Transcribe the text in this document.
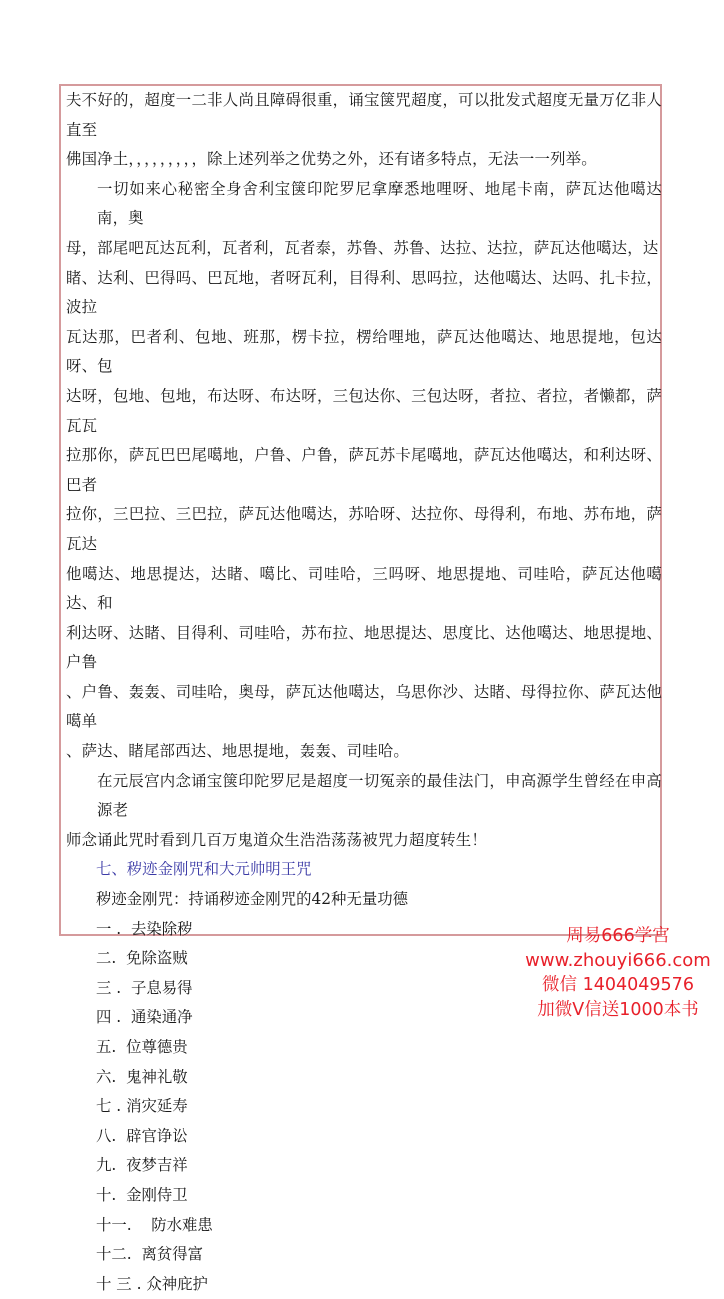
夫不好的，超度一二非人尚且障碍很重，诵宝箧咒超度，可以批发式超度无量万亿非人直至
佛国净土，，，，，，，，，除上述列举之优势之外，还有诸多特点，无法一一列举。
一切如来心秘密全身舍利宝箧印陀罗尼拿摩悉地哩呀、地尾卡南，萨瓦达他噶达南，奥
母，部尾吧瓦达瓦利，瓦者利，瓦者泰，苏鲁、苏鲁、达拉、达拉，萨瓦达他噶达，达
睹、达利、巴得吗、巴瓦地，者呀瓦利，目得利、思吗拉，达他噶达、达吗、扎卡拉，波拉
瓦达那，巴者利、包地、班那，楞卡拉，楞给哩地，萨瓦达他噶达、地思提地，包达呀、包
达呀，包地、包地，布达呀、布达呀，三包达你、三包达呀，者拉、者拉，者懒都，萨瓦瓦
拉那你，萨瓦巴巴尾噶地，户鲁、户鲁，萨瓦苏卡尾噶地，萨瓦达他噶达，和利达呀、巴者
拉你，三巴拉、三巴拉，萨瓦达他噶达，苏哈呀、达拉你、母得利，布地、苏布地，萨瓦达
他噶达、地思提达，达睹、噶比、司哇哈，三吗呀、地思提地、司哇哈，萨瓦达他噶达、和
利达呀、达睹、目得利、司哇哈，苏布拉、地思提达、思度比、达他噶达、地思提地、户鲁
、户鲁、轰轰、司哇哈，奥母，萨瓦达他噶达，乌思你沙、达睹、母得拉你、萨瓦达他噶单
、萨达、睹尾部西达、地思提地，轰轰、司哇哈。
在元辰宫内念诵宝箧印陀罗尼是超度一切冤亲的最佳法门，申高源学生曾经在申高源老
师念诵此咒时看到几百万鬼道众生浩浩荡荡被咒力超度转生！
七、秽迹金刚咒和大元帅明王咒
秽迹金刚咒：持诵秽迹金刚咒的42种无量功德
一 .  去染除秽
二.  免除盗贼
三 .  子息易得
四 .  通染通净
五.  位尊德贵
六.  鬼神礼敬
七 . 消灾延寿
八.  辟官诤讼
九.  夜梦吉祥
十.  金刚侍卫
十一.    防水难患
十二.  离贫得富
十 三 . 众神庇护
周易666学宫
www.zhouyi666.com
微信 1404049576
加微V信送1000本书
